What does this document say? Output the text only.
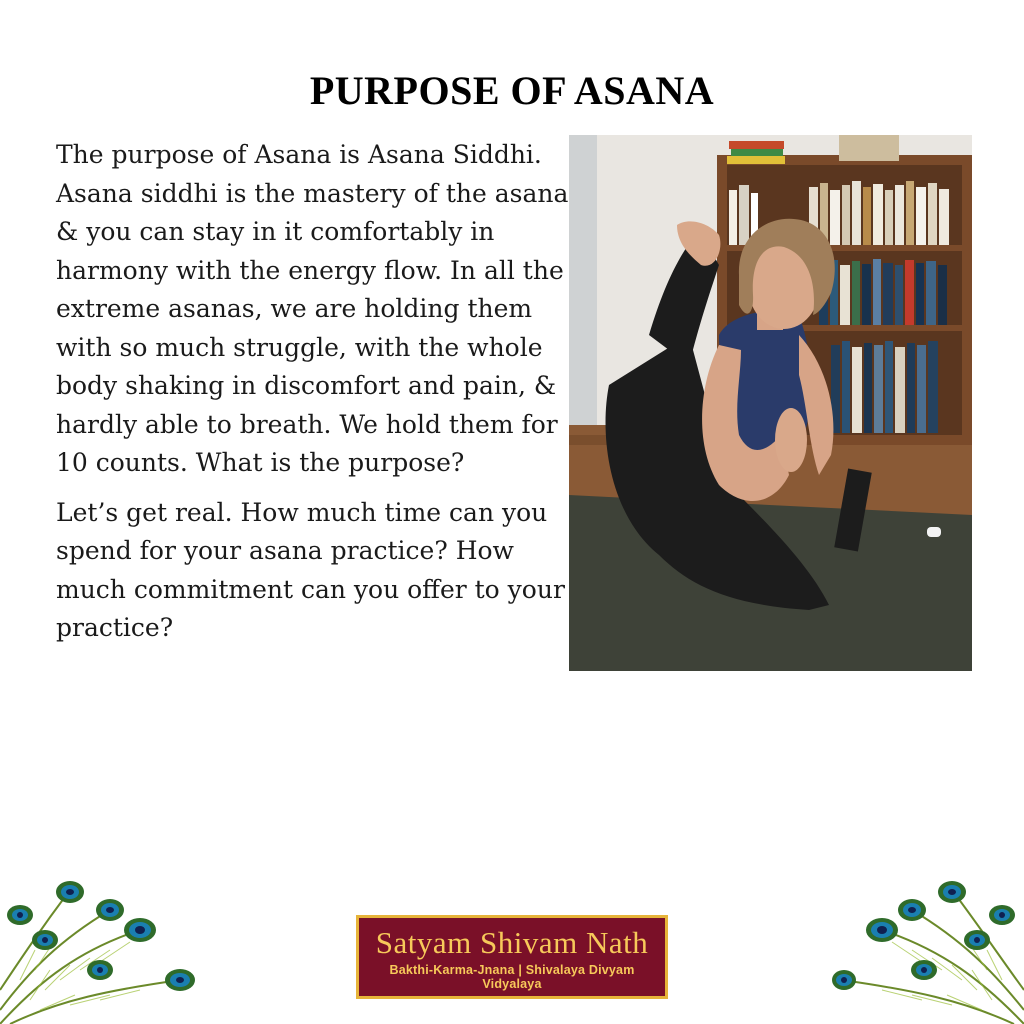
PURPOSE OF ASANA

The purpose of Asana is Asana Siddhi. Asana siddhi is the mastery of the asana & you can stay in it comfortably in harmony with the energy flow. In all the extreme asanas, we are holding them with so much struggle, with the whole body shaking in discomfort and pain, & hardly able to breath. We hold them for 10 counts. What is the purpose?

Let’s get real. How much time can you spend for your asana practice? How much commitment can you offer to your practice?

Satyam Shivam Nath
Bakthi-Karma-Jnana | Shivalaya Divyam Vidyalaya
